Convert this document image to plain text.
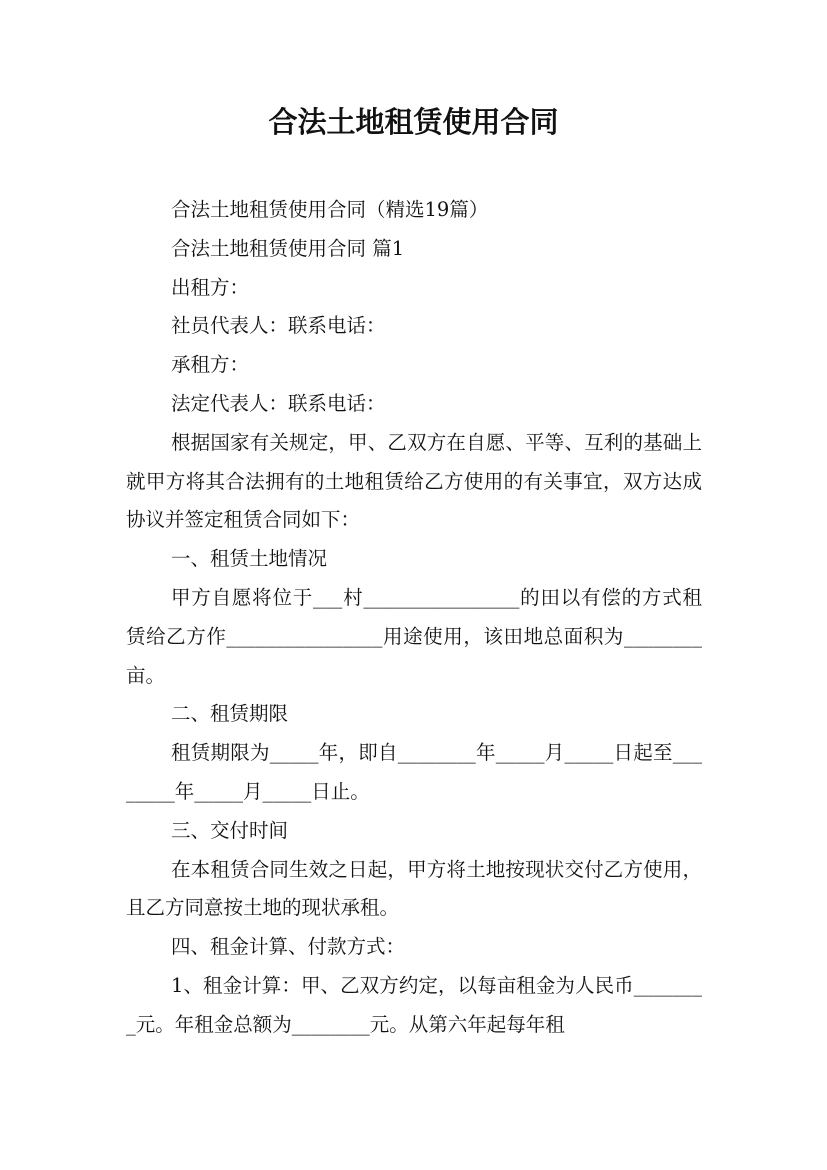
合法土地租赁使用合同

合法土地租赁使用合同（精选19篇）

合法土地租赁使用合同 篇1

出租方：

社员代表人：联系电话：

承租方：

法定代表人：联系电话：

根据国家有关规定，甲、乙双方在自愿、平等、互利的基础上就甲方将其合法拥有的土地租赁给乙方使用的有关事宜，双方达成协议并签定租赁合同如下：

一、租赁土地情况

甲方自愿将位于___村________________的田以有偿的方式租赁给乙方作________________用途使用，该田地总面积为________亩。

二、租赁期限

租赁期限为_____年，即自________年_____月_____日起至________年_____月_____日止。

三、交付时间

在本租赁合同生效之日起，甲方将土地按现状交付乙方使用，且乙方同意按土地的现状承租。

四、租金计算、付款方式：

1、租金计算：甲、乙双方约定，以每亩租金为人民币________元。年租金总额为________元。从第六年起每年租
